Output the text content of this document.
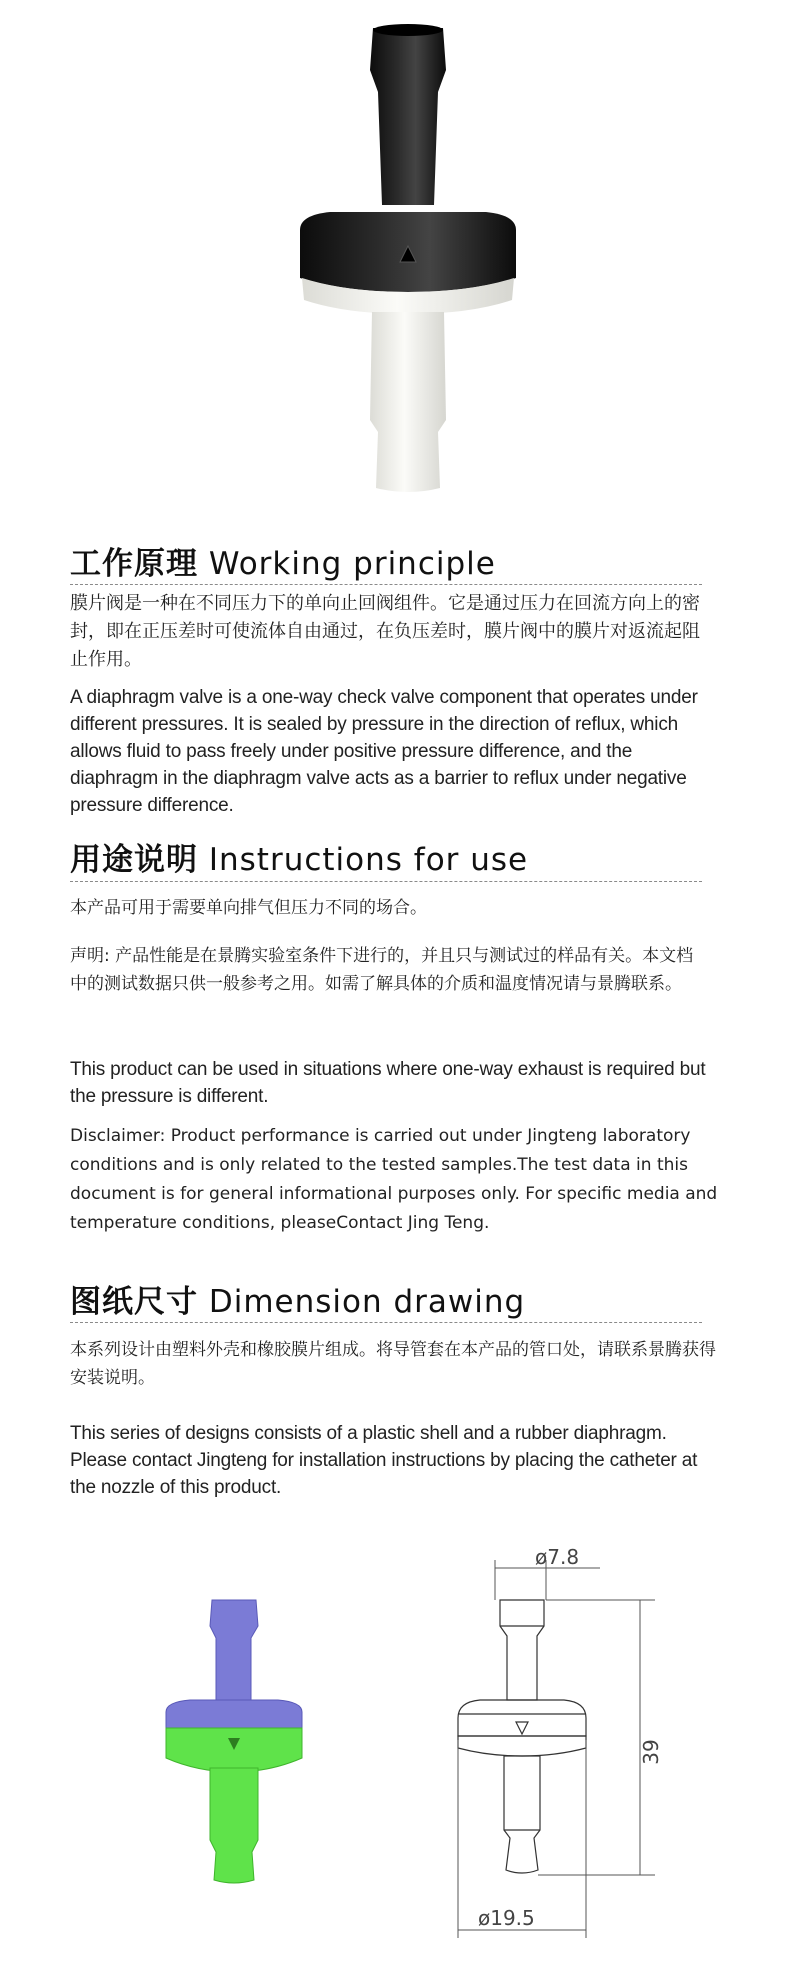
工作原理 Working principle
膜片阀是一种在不同压力下的单向止回阀组件。它是通过压力在回流方向上的密封，即在正压差时可使流体自由通过，在负压差时，膜片阀中的膜片对返流起阻止作用。
A diaphragm valve is a one-way check valve component that operates under different pressures. It is sealed by pressure in the direction of reflux, which allows fluid to pass freely under positive pressure difference, and the diaphragm in the diaphragm valve acts as a barrier to reflux under negative pressure difference.
用途说明 Instructions for use
本产品可用于需要单向排气但压力不同的场合。
声明: 产品性能是在景腾实验室条件下进行的，并且只与测试过的样品有关。本文档中的测试数据只供一般参考之用。如需了解具体的介质和温度情况请与景腾联系。
This product can be used in situations where one-way exhaust is required but the pressure is different.
Disclaimer: Product performance is carried out under Jingteng laboratory conditions and is only related to the tested samples.The test data in this document is for general informational purposes only. For specific media and temperature conditions, pleaseContact Jing Teng.
图纸尺寸 Dimension drawing
本系列设计由塑料外壳和橡胶膜片组成。将导管套在本产品的管口处，请联系景腾获得安装说明。
This series of designs consists of a plastic shell and a rubber diaphragm. Please contact Jingteng for installation instructions by placing the catheter at the nozzle of this product.
ø7.8
39
ø19.5
